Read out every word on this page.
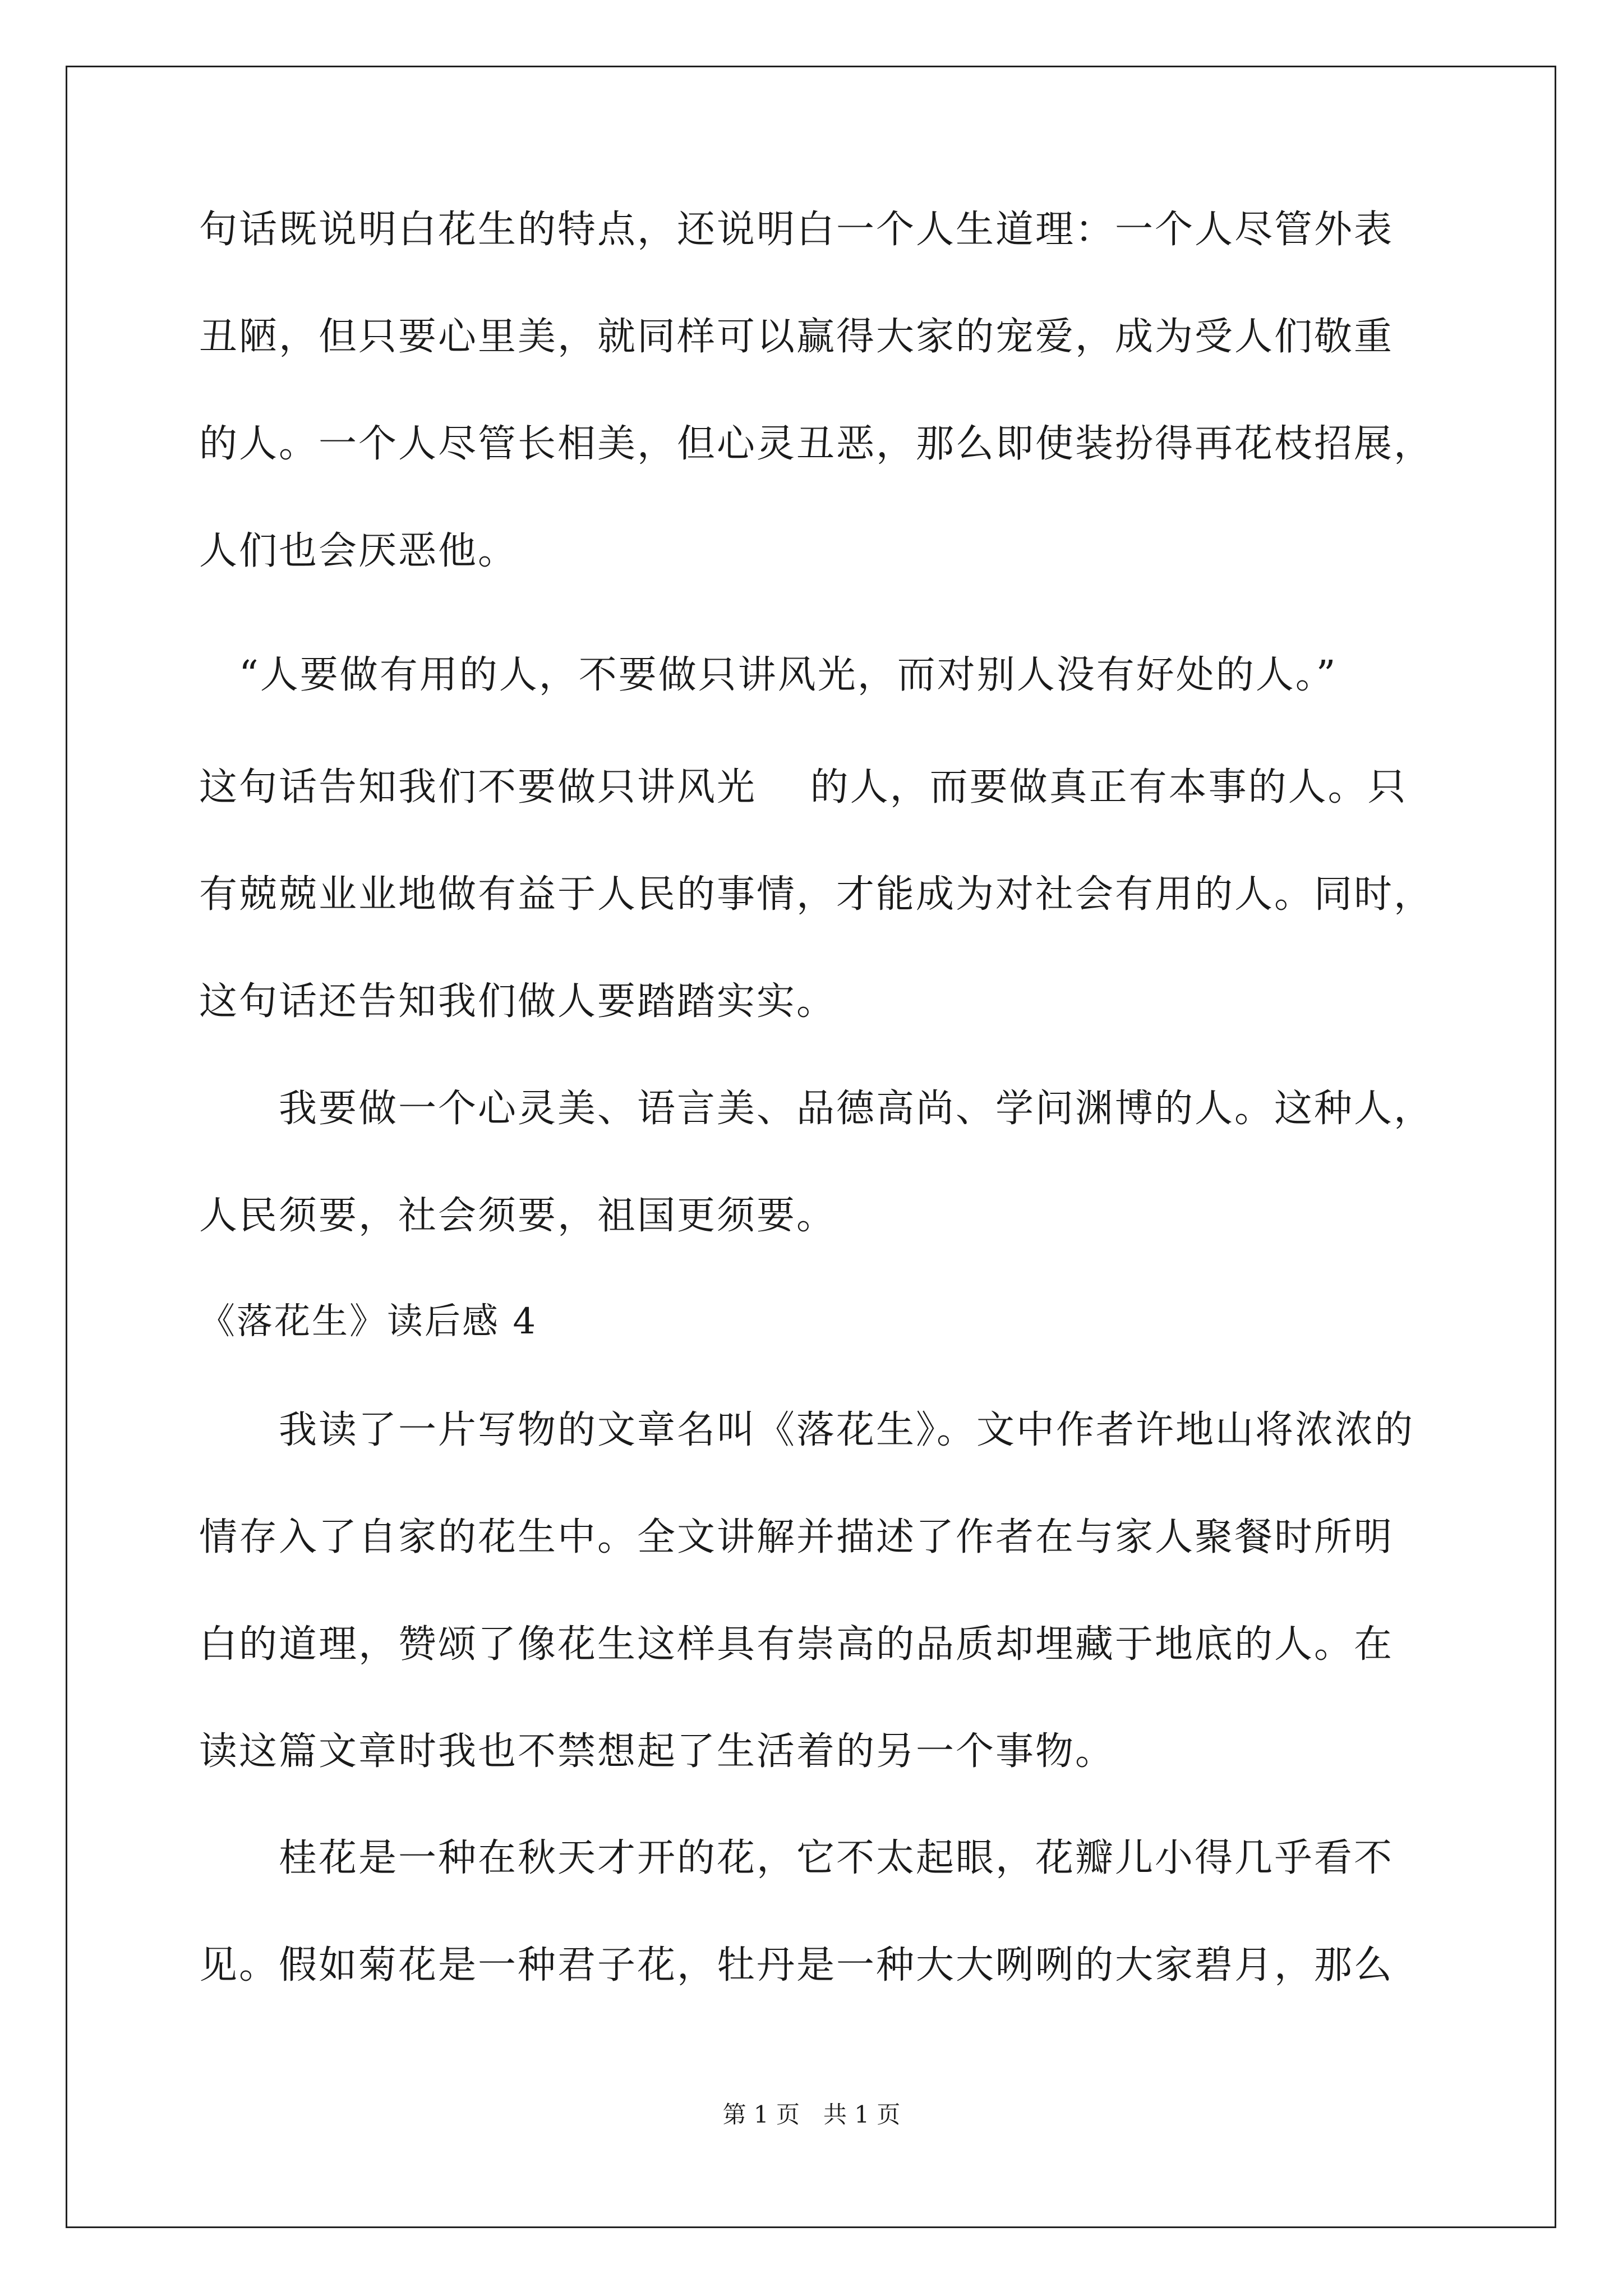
句话既说明白花生的特点，还说明白一个人生道理：一个人尽管外表
丑陋，但只要心里美，就同样可以赢得大家的宠爱，成为受人们敬重
的人。一个人尽管长相美，但心灵丑恶，那么即使装扮得再花枝招展，
人们也会厌恶他。
　“人要做有用的人，不要做只讲风光，而对别人没有好处的人。”
这句话告知我们不要做只讲风光　 的人，而要做真正有本事的人。只
有兢兢业业地做有益于人民的事情，才能成为对社会有用的人。同时，
这句话还告知我们做人要踏踏实实。
　　我要做一个心灵美、语言美、品德高尚、学问渊博的人。这种人，
人民须要，社会须要，祖国更须要。
《落花生》读后感 4
　　我读了一片写物的文章名叫《落花生》。文中作者许地山将浓浓的
情存入了自家的花生中。全文讲解并描述了作者在与家人聚餐时所明
白的道理，赞颂了像花生这样具有崇高的品质却埋藏于地底的人。在
读这篇文章时我也不禁想起了生活着的另一个事物。
　　桂花是一种在秋天才开的花，它不太起眼，花瓣儿小得几乎看不
见。假如菊花是一种君子花，牡丹是一种大大咧咧的大家碧月，那么
第 1 页　共 1 页
